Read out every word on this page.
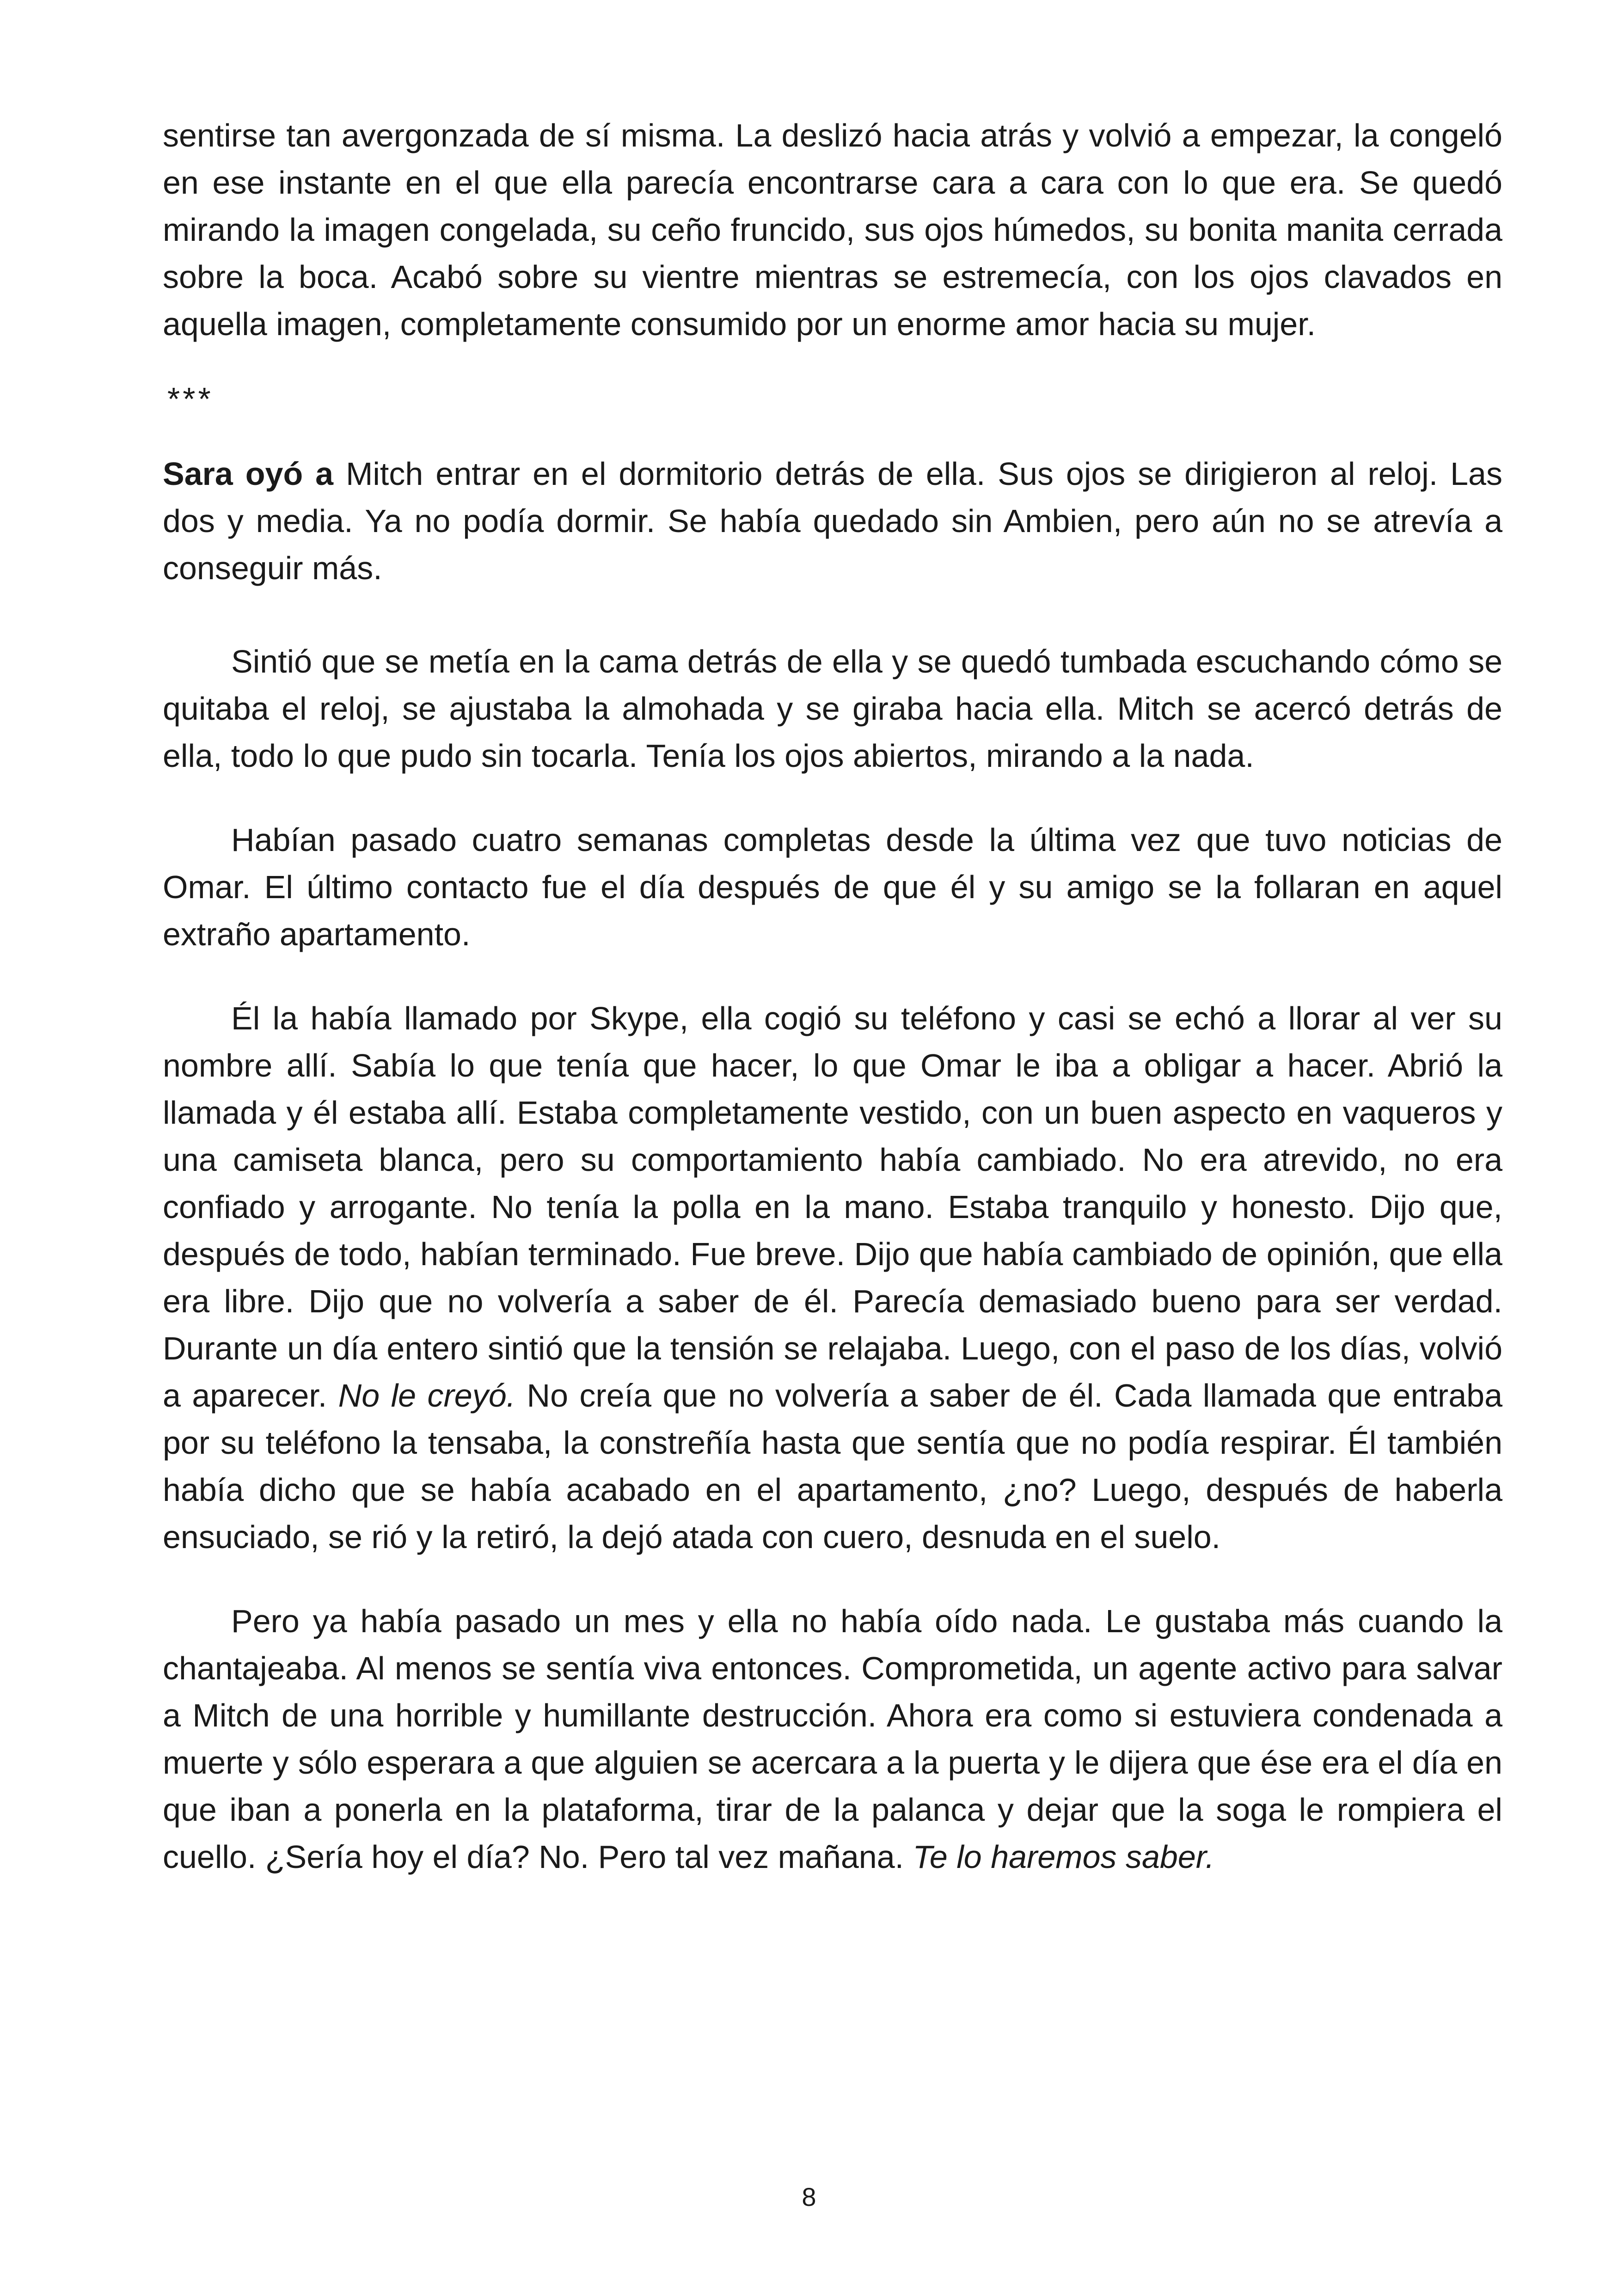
sentirse tan avergonzada de sí misma. La deslizó hacia atrás y volvió a empezar, la congeló en ese instante en el que ella parecía encontrarse cara a cara con lo que era. Se quedó mirando la imagen congelada, su ceño fruncido, sus ojos húmedos, su bonita manita cerrada sobre la boca. Acabó sobre su vientre mientras se estremecía, con los ojos clavados en aquella imagen, completamente consumido por un enorme amor hacia su mujer.

***

Sara oyó a Mitch entrar en el dormitorio detrás de ella. Sus ojos se dirigieron al reloj. Las dos y media. Ya no podía dormir. Se había quedado sin Ambien, pero aún no se atrevía a conseguir más.

Sintió que se metía en la cama detrás de ella y se quedó tumbada escuchando cómo se quitaba el reloj, se ajustaba la almohada y se giraba hacia ella. Mitch se acercó detrás de ella, todo lo que pudo sin tocarla. Tenía los ojos abiertos, mirando a la nada.

Habían pasado cuatro semanas completas desde la última vez que tuvo noticias de Omar. El último contacto fue el día después de que él y su amigo se la follaran en aquel extraño apartamento.

Él la había llamado por Skype, ella cogió su teléfono y casi se echó a llorar al ver su nombre allí. Sabía lo que tenía que hacer, lo que Omar le iba a obligar a hacer. Abrió la llamada y él estaba allí. Estaba completamente vestido, con un buen aspecto en vaqueros y una camiseta blanca, pero su comportamiento había cambiado. No era atrevido, no era confiado y arrogante. No tenía la polla en la mano. Estaba tranquilo y honesto. Dijo que, después de todo, habían terminado. Fue breve. Dijo que había cambiado de opinión, que ella era libre. Dijo que no volvería a saber de él. Parecía demasiado bueno para ser verdad. Durante un día entero sintió que la tensión se relajaba. Luego, con el paso de los días, volvió a aparecer. No le creyó. No creía que no volvería a saber de él. Cada llamada que entraba por su teléfono la tensaba, la constreñía hasta que sentía que no podía respirar. Él también había dicho que se había acabado en el apartamento, ¿no? Luego, después de haberla ensuciado, se rió y la retiró, la dejó atada con cuero, desnuda en el suelo.

Pero ya había pasado un mes y ella no había oído nada. Le gustaba más cuando la chantajeaba. Al menos se sentía viva entonces. Comprometida, un agente activo para salvar a Mitch de una horrible y humillante destrucción. Ahora era como si estuviera condenada a muerte y sólo esperara a que alguien se acercara a la puerta y le dijera que ése era el día en que iban a ponerla en la plataforma, tirar de la palanca y dejar que la soga le rompiera el cuello. ¿Sería hoy el día? No. Pero tal vez mañana. Te lo haremos saber.

8
